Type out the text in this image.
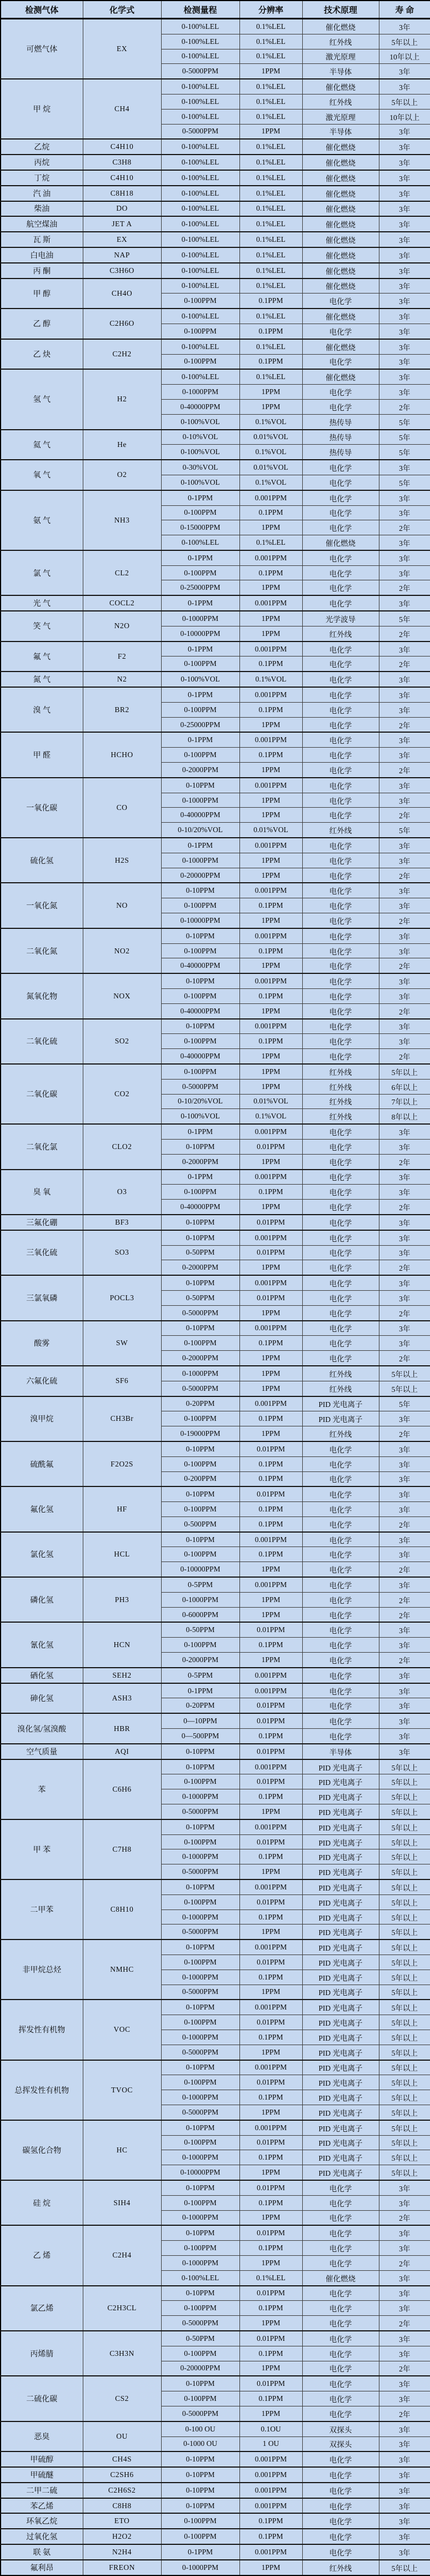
检测气体	化学式	检测量程	分辨率	技术原理	寿 命
可燃气体	EX	0-100%LEL	0.1%LEL	催化燃烧	3年
		0-100%LEL	0.1%LEL	红外线	5年以上
		0-100%LEL	0.1%LEL	激光原理	10年以上
		0-5000PPM	1PPM	半导体	3年
甲 烷	CH4	0-100%LEL	0.1%LEL	催化燃烧	3年
		0-100%LEL	0.1%LEL	红外线	5年以上
		0-100%LEL	0.1%LEL	激光原理	10年以上
		0-5000PPM	1PPM	半导体	3年
乙烷	C4H10	0-100%LEL	0.1%LEL	催化燃烧	3年
丙烷	C3H8	0-100%LEL	0.1%LEL	催化燃烧	3年
丁烷	C4H10	0-100%LEL	0.1%LEL	催化燃烧	3年
汽 油	C8H18	0-100%LEL	0.1%LEL	催化燃烧	3年
柴油	DO	0-100%LEL	0.1%LEL	催化燃烧	3年
航空煤油	JET A	0-100%LEL	0.1%LEL	催化燃烧	3年
瓦 斯	EX	0-100%LEL	0.1%LEL	催化燃烧	3年
白电油	NAP	0-100%LEL	0.1%LEL	催化燃烧	3年
丙 酮	C3H6O	0-100%LEL	0.1%LEL	催化燃烧	3年
甲 醇	CH4O	0-100%LEL	0.1%LEL	催化燃烧	3年
		0-100PPM	0.1PPM	电化学	3年
乙 醇	C2H6O	0-100%LEL	0.1%LEL	催化燃烧	3年
		0-100PPM	0.1PPM	电化学	3年
乙 炔	C2H2	0-100%LEL	0.1%LEL	催化燃烧	3年
		0-100PPM	0.1PPM	电化学	3年
氢 气	H2	0-100%LEL	0.1%LEL	催化燃烧	3年
		0-1000PPM	1PPM	电化学	3年
		0-40000PPM	1PPM	电化学	2年
		0-100%VOL	0.1%VOL	热传导	5年
氦 气	He	0-10%VOL	0.01%VOL	热传导	5年
		0-100%VOL	0.1%VOL	热传导	5年
氧 气	O2	0-30%VOL	0.01%VOL	电化学	3年
		0-100%VOL	0.1%VOL	电化学	5年
氨 气	NH3	0-1PPM	0.001PPM	电化学	3年
		0-100PPM	0.1PPM	电化学	3年
		0-15000PPM	1PPM	电化学	2年
		0-100%LEL	0.1%LEL	催化燃烧	3年
氯 气	CL2	0-1PPM	0.001PPM	电化学	3年
		0-100PPM	0.1PPM	电化学	3年
		0-25000PPM	1PPM	电化学	2年
光 气	COCL2	0-1PPM	0.001PPM	电化学	3年
笑 气	N2O	0-1000PPM	1PPM	光学波导	5年
		0-10000PPM	1PPM	红外线	2年
氟 气	F2	0-1PPM	0.001PPM	电化学	3年
		0-100PPM	0.1PPM	电化学	2年
氮 气	N2	0-100%VOL	0.1%VOL	电化学	3年
溴 气	BR2	0-1PPM	0.001PPM	电化学	3年
		0-100PPM	0.1PPM	电化学	3年
		0-25000PPM	1PPM	电化学	2年
甲 醛	HCHO	0-1PPM	0.001PPM	电化学	3年
		0-100PPM	0.1PPM	电化学	3年
		0-2000PPM	1PPM	电化学	2年
一氧化碳	CO	0-10PPM	0.001PPM	电化学	3年
		0-1000PPM	1PPM	电化学	3年
		0-40000PPM	1PPM	电化学	2年
		0-10/20%VOL	0.01%VOL	红外线	5年
硫化氢	H2S	0-1PPM	0.001PPM	电化学	3年
		0-1000PPM	1PPM	电化学	3年
		0-20000PPM	1PPM	电化学	2年
一氧化氮	NO	0-10PPM	0.001PPM	电化学	3年
		0-100PPM	0.1PPM	电化学	3年
		0-10000PPM	1PPM	电化学	2年
二氧化氮	NO2	0-10PPM	0.001PPM	电化学	3年
		0-100PPM	0.1PPM	电化学	3年
		0-40000PPM	1PPM	电化学	2年
氮氧化物	NOX	0-10PPM	0.001PPM	电化学	3年
		0-100PPM	0.1PPM	电化学	3年
		0-40000PPM	1PPM	电化学	2年
二氧化硫	SO2	0-10PPM	0.001PPM	电化学	3年
		0-100PPM	0.1PPM	电化学	3年
		0-40000PPM	1PPM	电化学	2年
二氧化碳	CO2	0-100PPM	1PPM	红外线	5年以上
		0-5000PPM	1PPM	红外线	6年以上
		0-10/20%VOL	0.01%VOL	红外线	7年以上
		0-100%VOL	0.1%VOL	红外线	8年以上
二氧化氯	CLO2	0-1PPM	0.001PPM	电化学	3年
		0-10PPM	0.01PPM	电化学	3年
		0-2000PPM	1PPM	电化学	2年
臭 氧	O3	0-1PPM	0.001PPM	电化学	3年
		0-100PPM	0.1PPM	电化学	3年
		0-40000PPM	1PPM	电化学	2年
三氟化硼	BF3	0-10PPM	0.01PPM	电化学	3年
三氧化硫	SO3	0-10PPM	0.001PPM	电化学	3年
		0-50PPM	0.01PPM	电化学	3年
		0-2000PPM	1PPM	电化学	2年
三氯氧磷	POCL3	0-10PPM	0.001PPM	电化学	3年
		0-50PPM	0.01PPM	电化学	3年
		0-5000PPM	1PPM	电化学	2年
酸雾	SW	0-10PPM	0.001PPM	电化学	3年
		0-100PPM	0.1PPM	电化学	3年
		0-2000PPM	1PPM	电化学	2年
六氟化硫	SF6	0-1000PPM	1PPM	红外线	5年以上
		0-5000PPM	1PPM	红外线	5年以上
溴甲烷	CH3Br	0-20PPM	0.001PPM	PID 光电离子	5年
		0-100PPM	0.1PPM	PID 光电离子	3年
		0-19000PPM	1PPM	红外线	2年
硫酰氟	F2O2S	0-10PPM	0.01PPM	电化学	3年
		0-100PPM	0.1PPM	电化学	3年
		0-200PPM	0.1PPM	电化学	3年
氟化氢	HF	0-10PPM	0.01PPM	电化学	3年
		0-100PPM	0.1PPM	电化学	3年
		0-500PPM	0.1PPM	电化学	2年
氯化氢	HCL	0-10PPM	0.001PPM	电化学	3年
		0-100PPM	0.1PPM	电化学	3年
		0-10000PPM	1PPM	电化学	2年
磷化氢	PH3	0-5PPM	0.001PPM	电化学	3年
		0-1000PPM	1PPM	电化学	2年
		0-6000PPM	1PPM	电化学	2年
氰化氢	HCN	0-50PPM	0.01PPM	电化学	3年
		0-100PPM	0.1PPM	电化学	3年
		0-2000PPM	1PPM	电化学	2年
硒化氢	SEH2	0-5PPM	0.001PPM	电化学	3年
砷化氢	ASH3	0-1PPM	0.001PPM	电化学	3年
		0-20PPM	0.01PPM	电化学	3年
溴化氢/氢溴酸	HBR	0—10PPM	0.01PPM	电化学	3年
		0—500PPM	0.1PPM	电化学	3年
空气质量	AQI	0-10PPM	0.01PPM	半导体	3年
苯	C6H6	0-10PPM	0.001PPM	PID 光电离子	5年以上
		0-100PPM	0.01PPM	PID 光电离子	5年以上
		0-1000PPM	0.1PPM	PID 光电离子	5年以上
		0-5000PPM	1PPM	PID 光电离子	5年以上
甲 苯	C7H8	0-10PPM	0.001PPM	PID 光电离子	5年以上
		0-100PPM	0.01PPM	PID 光电离子	5年以上
		0-1000PPM	0.1PPM	PID 光电离子	5年以上
		0-5000PPM	1PPM	PID 光电离子	5年以上
二甲苯	C8H10	0-10PPM	0.001PPM	PID 光电离子	5年以上
		0-100PPM	0.01PPM	PID 光电离子	5年以上
		0-1000PPM	0.1PPM	PID 光电离子	5年以上
		0-5000PPM	1PPM	PID 光电离子	5年以上
非甲烷总烃	NMHC	0-10PPM	0.001PPM	PID 光电离子	5年以上
		0-100PPM	0.01PPM	PID 光电离子	5年以上
		0-1000PPM	0.1PPM	PID 光电离子	5年以上
		0-5000PPM	1PPM	PID 光电离子	5年以上
挥发性有机物	VOC	0-10PPM	0.001PPM	PID 光电离子	5年以上
		0-100PPM	0.01PPM	PID 光电离子	5年以上
		0-1000PPM	0.1PPM	PID 光电离子	5年以上
		0-5000PPM	1PPM	PID 光电离子	5年以上
总挥发性有机物	TVOC	0-10PPM	0.001PPM	PID 光电离子	5年以上
		0-100PPM	0.01PPM	PID 光电离子	5年以上
		0-1000PPM	0.1PPM	PID 光电离子	5年以上
		0-5000PPM	1PPM	PID 光电离子	5年以上
碳氢化合物	HC	0-10PPM	0.001PPM	PID 光电离子	5年以上
		0-100PPM	0.01PPM	PID 光电离子	5年以上
		0-1000PPM	0.1PPM	PID 光电离子	5年以上
		0-10000PPM	1PPM	PID 光电离子	5年以上
硅 烷	SIH4	0-10PPM	0.01PPM	电化学	3年
		0-100PPM	0.1PPM	电化学	3年
		0-1000PPM	1PPM	电化学	2年
乙 烯	C2H4	0-10PPM	0.01PPM	电化学	3年
		0-100PPM	0.1PPM	电化学	3年
		0-1000PPM	1PPM	电化学	2年
		0-100%LEL	0.1%LEL	催化燃烧	3年
氯乙烯	C2H3CL	0-10PPM	0.01PPM	电化学	3年
		0-100PPM	0.1PPM	电化学	3年
		0-5000PPM	1PPM	电化学	2年
丙烯腈	C3H3N	0-50PPM	0.01PPM	电化学	3年
		0-100PPM	0.1PPM	电化学	3年
		0-20000PPM	1PPM	电化学	2年
二硫化碳	CS2	0-10PPM	0.01PPM	电化学	3年
		0-100PPM	0.1PPM	电化学	3年
		0-5000PPM	1PPM	电化学	2年
恶臭	OU	0-100 OU	0.1OU	双探头	3年
		0-1000 OU	1 OU	双探头	3年
甲硫醇	CH4S	0-10PPM	0.001PPM	电化学	3年
甲硫醚	C2SH6	0-10PPM	0.001PPM	电化学	3年
二甲二硫	C2H6S2	0-10PPM	0.001PPM	电化学	3年
苯乙烯	C8H8	0-10PPM	0.001PPM	电化学	3年
环氧乙烷	ETO	0-100PPM	0.1PPM	电化学	3年
过氧化氢	H2O2	0-100PPM	0.1PPM	电化学	3年
联 氨	N2H4	0-1PPM	0.001PPM	电化学	3年
氟利昂	FREON	0-1000PPM	1PPM	红外线	5年以上
